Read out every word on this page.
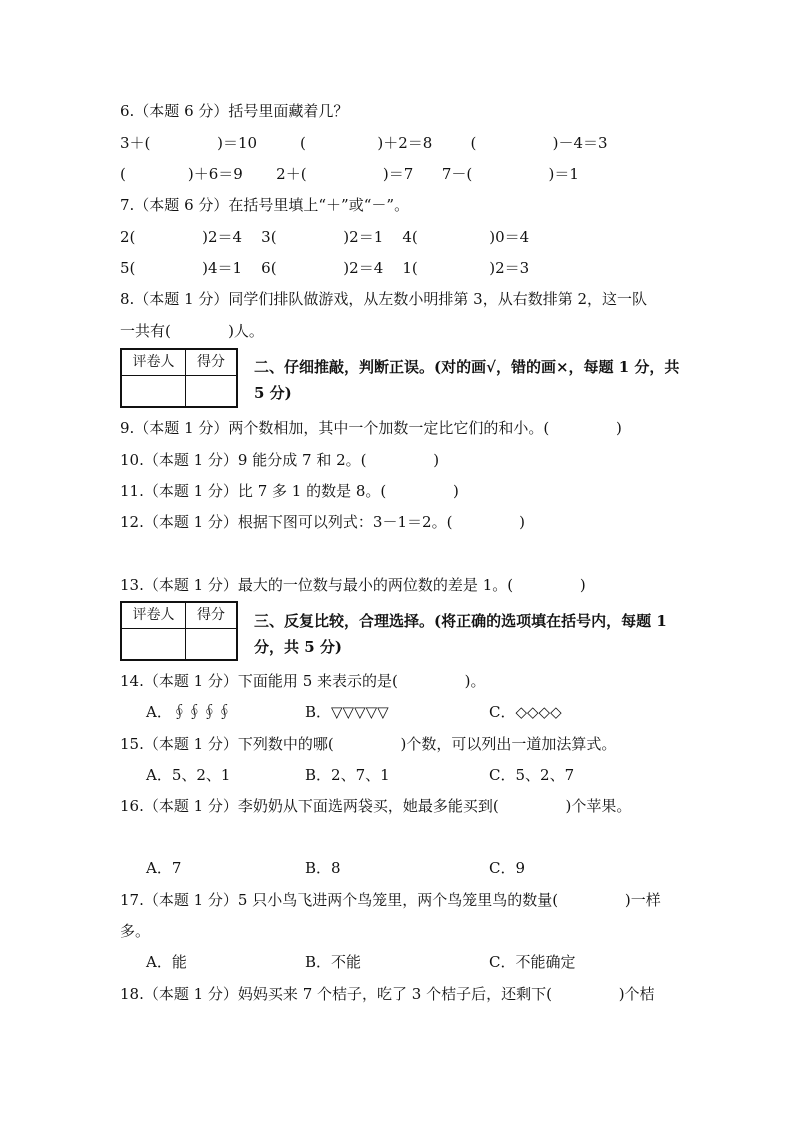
6.（本题 6 分）括号里面藏着几？
3＋(              )＝10         (               )＋2＝8        (                )－4＝3
(             )＋6＝9       2＋(                )＝7      7－(                )＝1
7.（本题 6 分）在括号里填上“＋”或“－”。
2(              )2＝4    3(              )2＝1    4(               )0＝4
5(              )4＝1    6(              )2＝4    1(               )2＝3
8.（本题 1 分）同学们排队做游戏，从左数小明排第 3，从右数排第 2，这一队
一共有(            )人。
评卷人	得分	二、仔细推敲，判断正误。(对的画√，错的画×，每题 1 分，共 5 分)
9.（本题 1 分）两个数相加，其中一个加数一定比它们的和小。(              )
10.（本题 1 分）9 能分成 7 和 2。(              )
11.（本题 1 分）比 7 多 1 的数是 8。(              )
12.（本题 1 分）根据下图可以列式：3－1＝2。(              )
13.（本题 1 分）最大的一位数与最小的两位数的差是 1。(              )
评卷人	得分	三、反复比较，合理选择。(将正确的选项填在括号内，每题 1 分，共 5 分)
14.（本题 1 分）下面能用 5 来表示的是(              )。
A．∮∮∮∮	B．▽▽▽▽▽	C．◇◇◇◇
15.（本题 1 分）下列数中的哪(              )个数，可以列出一道加法算式。
A．5、2、1	B．2、7、1	C．5、2、7
16.（本题 1 分）李奶奶从下面选两袋买，她最多能买到(              )个苹果。
A．7	B．8	C．9
17.（本题 1 分）5 只小鸟飞进两个鸟笼里，两个鸟笼里鸟的数量(              )一样
多。
A．能	B．不能	C．不能确定
18.（本题 1 分）妈妈买来 7 个桔子，吃了 3 个桔子后，还剩下(              )个桔
